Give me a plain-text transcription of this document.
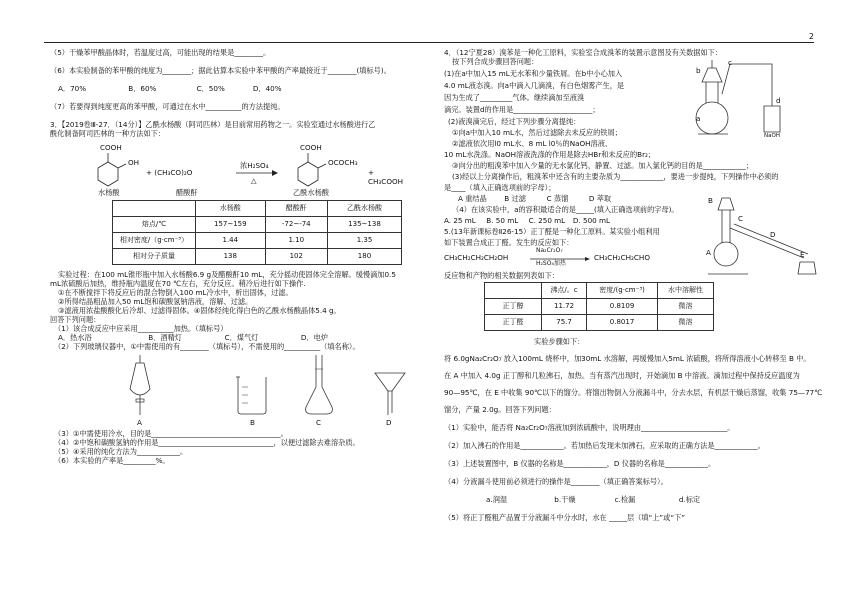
2

（5）干燥苯甲酸晶体时，若温度过高，可能出现的结果是________。

（6）本实验制备的苯甲酸的纯度为________；据此估算本实验中苯甲酸的产率最接近于________(填标号)。

A．70%	B．60%	C．50%	D．40%

（7）若要得到纯度更高的苯甲酸，可通过在水中__________的方法提纯。

3．【2019卷Ⅲ-27．（14分）】乙酰水杨酸（阿司匹林）是目前常用药物之一。实验室通过水杨酸进行乙

酰化制备阿司匹林的一种方法如下：

COOH
OH
水杨酸
+ (CH₃CO)₂O
醋酸酐
浓H₂SO₄
△
COOH
OCOCH₃
乙酰水杨酸
+ CH₃COOH
	水杨酸	醋酸酐	乙酰水杨酸
熔点/℃	157~159	-72~-74	135~138
相对密度/（g·cm⁻³）	1.44	1.10	1.35
相对分子质量	138	102	180

实验过程：在100 mL锥形瓶中加入水杨酸6.9 g及醋酸酐10 mL，充分摇动使固体完全溶解。缓慢滴加0.5

mL浓硫酸后加热，维持瓶内温度在70 ℃左右，充分反应。稍冷后进行如下操作.

①在不断搅拌下将反应后的混合物倒入100 mL冷水中，析出固体，过滤。

②所得结晶粗品加入50 mL饱和碳酸氢钠溶液，溶解、过滤。

③滤液用浓盐酸酸化后冷却、过滤得固体。④固体经纯化得白色的乙酰水杨酸晶体5.4 g。

回答下列问题：

（1）该合成反应中应采用__________加热。（填标号）

A．热水浴	B．酒精灯	C．煤气灯	D．电炉

（2）下列玻璃仪器中，①中需使用的有________（填标号），不需使用的__________（填名称）。

A	B	C	D

（3）①中需使用冷水，目的是____________________________________。

（4）②中饱和碳酸氢钠的作用是________________________________，以便过滤除去难溶杂质。

（5）④采用的纯化方法为____________。

（6）本实验的产率是_________%。

4．（12宁夏28）溴苯是一种化工原料，实验室合成溴苯的装置示意图及有关数据如下：

按下列合成步骤回答问题：

(1)在a中加入15 mL无水苯和少量铁屑。在b中小心加入

4.0 mL液态溴。向a中滴入几滴溴，有白色烟雾产生，是

因为生成了_________气体。继续滴加至液溴

滴完。装置d的作用是______________________；

(2)液溴滴完后，经过下列步骤分离提纯：

①向a中加入10 mL水，然后过滤除去未反应的铁屑；

②滤液依次用l0 mL水、8 mL l0％的NaOH溶液、

10 mL水洗涤。NaOH溶液洗涤的作用是除去HBr和未反应的Br₂；

③向分出的粗溴苯中加入少量的无水氯化钙，静置、过滤。加入氯化钙的目的是____________；

(3)经以上分离操作后，粗溴苯中还含有的主要杂质为____________，要进一步提纯，下列操作中必须的

是____（填入正确选项前的字母）；

A 重结晶 B 过滤	C 蒸馏	D 萃取

（4）在该实验中，a的容积最适合的是_____(填入正确选项前的字母)。

A. 25 mL B. 50 mL C. 250 mL D. 500 mL

5.(13年新课标卷Ⅱ26-15）正丁醛是一种化工原料。某实验小组利用

如下装置合成正丁醛。发生的反应如下：

CH₃CH₂CH₂CH₂OH
Na₂Cr₂O₇
H₂SO₄加热
CH₃CH₂CH₂CHO

反应物和产物的相关数据列表如下：

	沸点/。c	密度/(g·cm⁻³)	水中溶解性
正丁醇	11.72	0.8109	微溶
正丁醛	75.7	0.8017	微溶

实验步骤如下：

将 6.0gNa₂Cr₂O₇ 放入100mL 烧杯中，加30mL 水溶解，再缓慢加入5mL 浓硫酸，将所得溶液小心转移至 B 中。

在 A 中加入 4.0g 正丁醇和几粒沸石，加热。当有蒸汽出现时，开始滴加 B 中溶液。滴加过程中保持反应温度为

90—95℃，在 E 中收集 90℃以下的馏分。将馏出物倒入分液漏斗中，分去水层，有机层干燥后蒸馏，收集 75—77℃

馏分，产量 2.0g。回答下列问题：

（1）实验中，能否将 Na₂Cr₂O₇溶液加到浓硫酸中，说明理由________________________。

（2）加入沸石的作用是____________。若加热后发现未加沸石，应采取的正确方法是____________。

（3）上述装置图中，B 仪器的名称是____________，D 仪器的名称是____________。

（4）分液漏斗使用前必须进行的操作是________（填正确答案标号）。

a.润湿	b.干燥	c.检漏	d.标定

（5）将正丁醛粗产品置于分液漏斗中分水时，水在 _____层（填“上”或“下”

a
b
c
d
NaOH
A
B
C
D
E
